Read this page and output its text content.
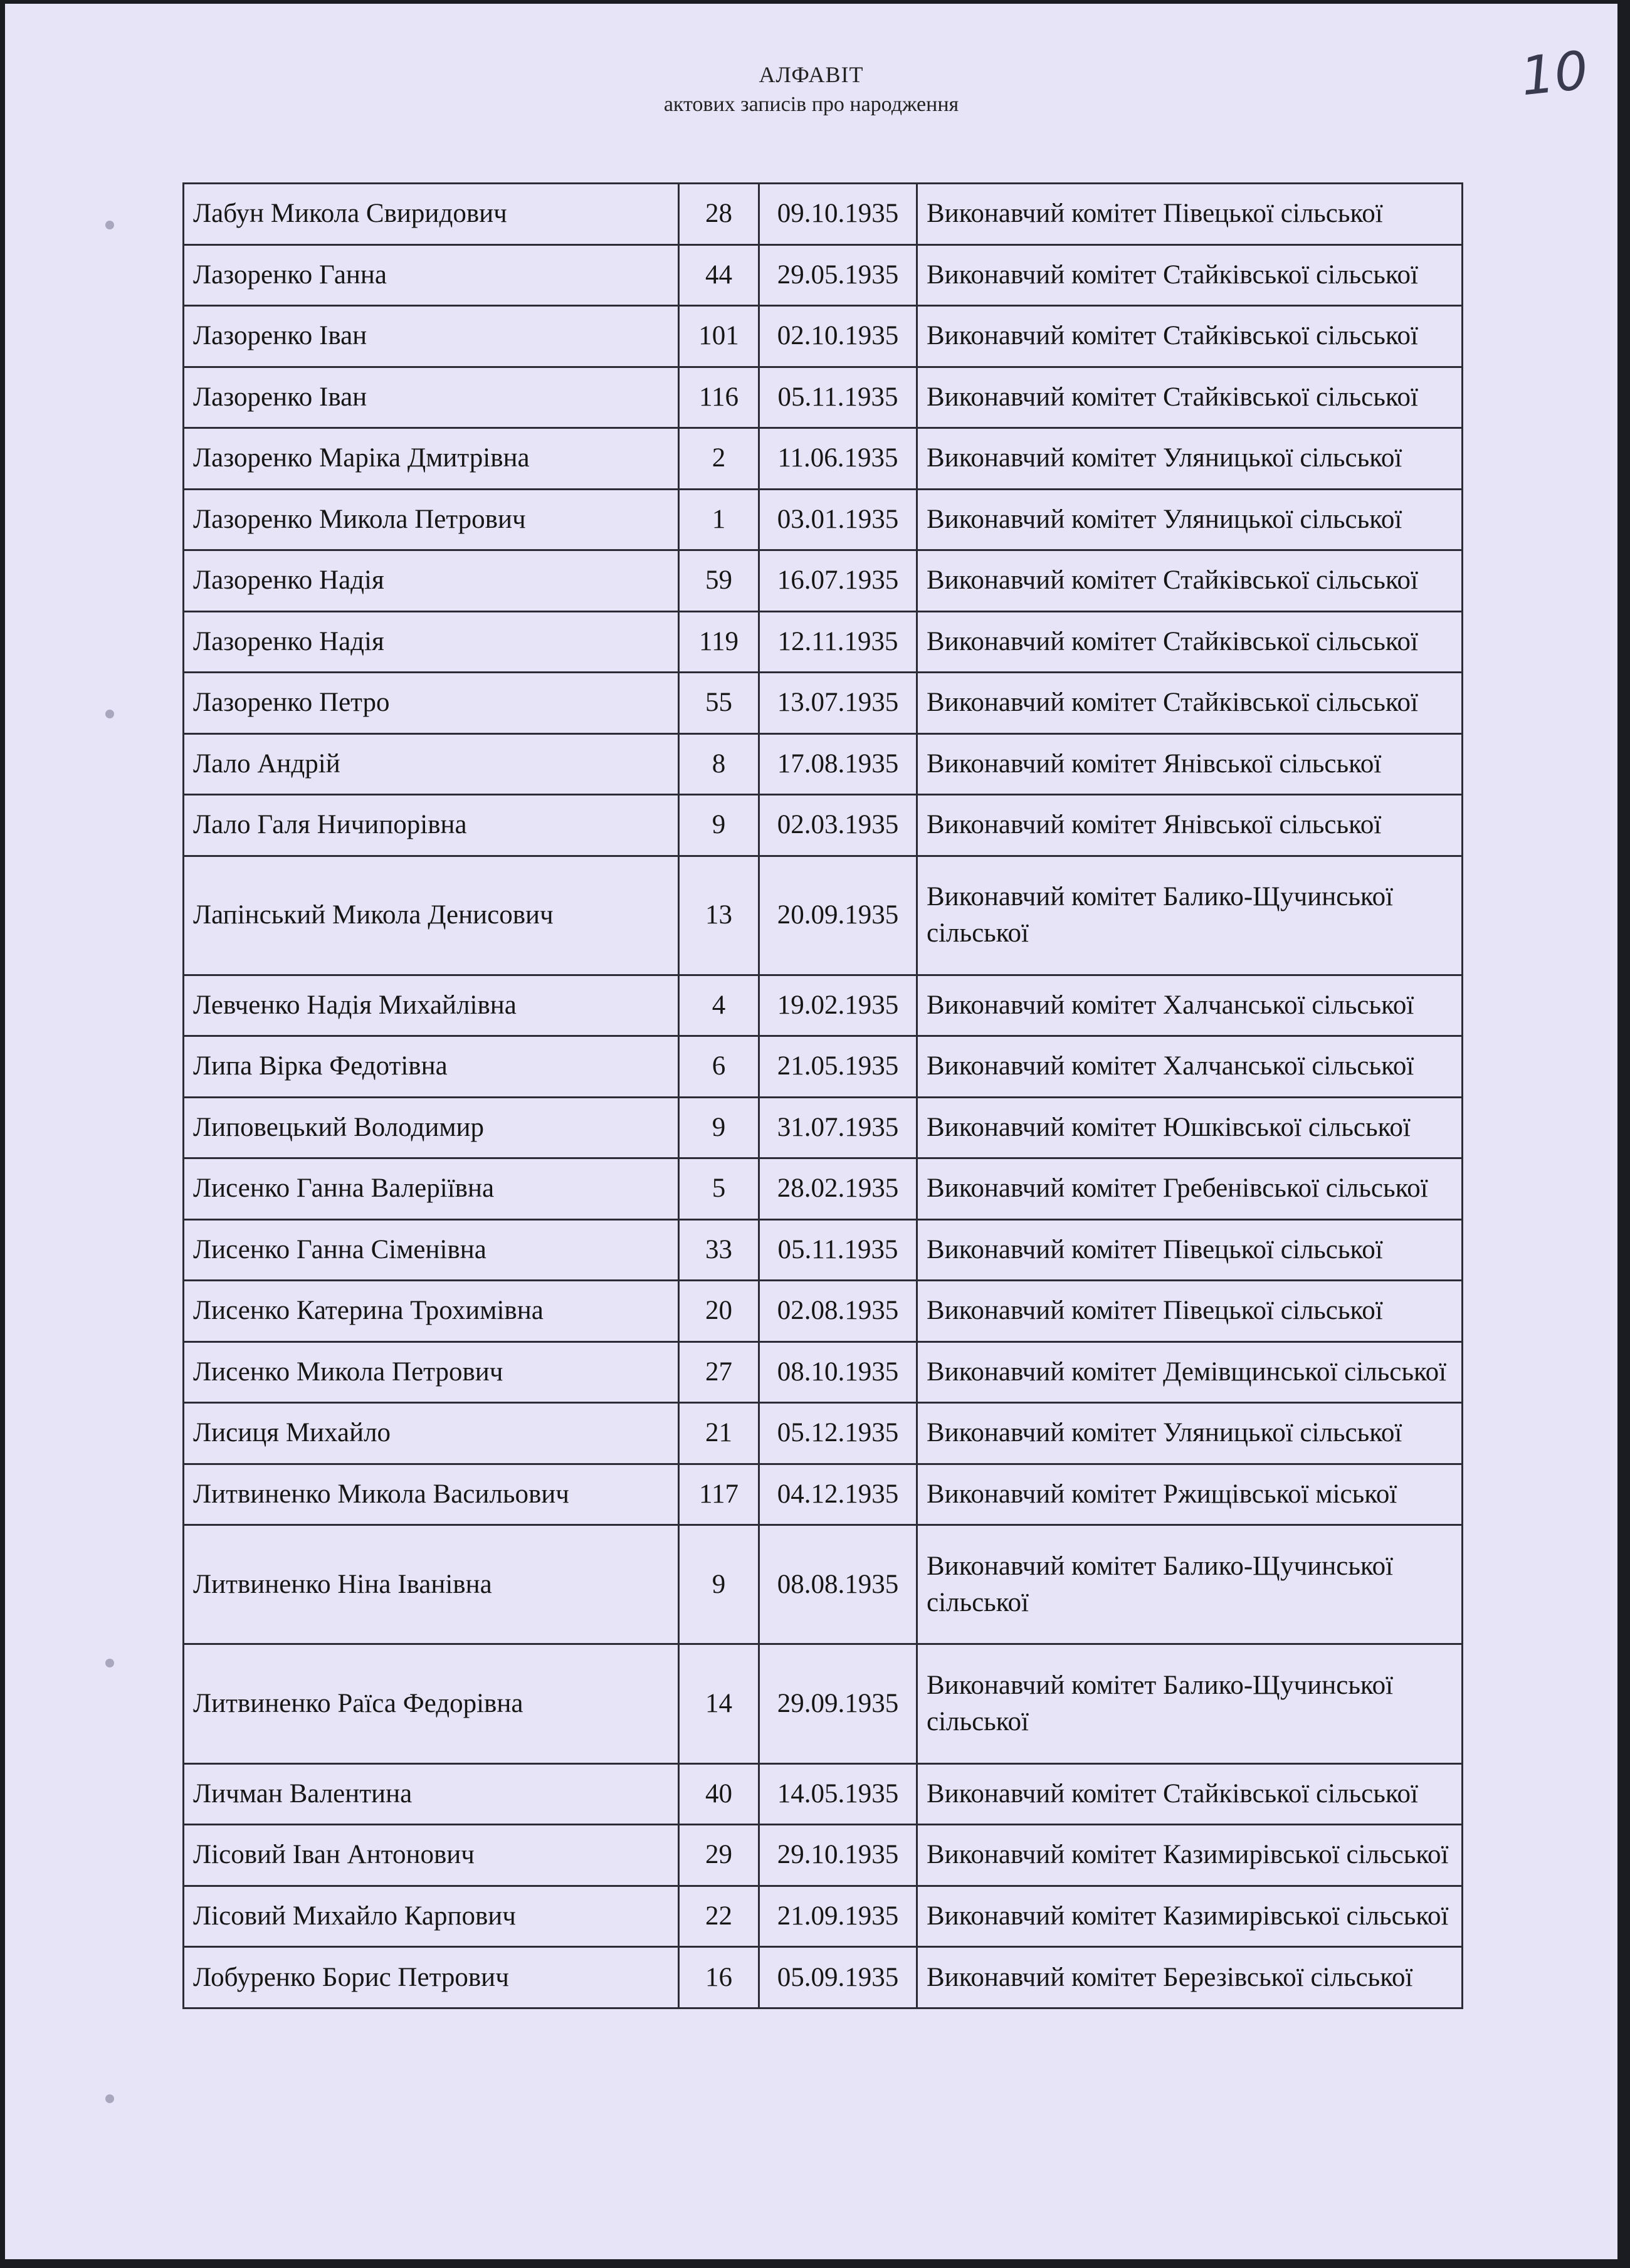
10
АЛФАВІТ
актових записів про народження
Лабун Микола Свиридович	28	09.10.1935	Виконавчий комітет Півецької сільської
Лазоренко Ганна	44	29.05.1935	Виконавчий комітет Стайківської сільської
Лазоренко Іван	101	02.10.1935	Виконавчий комітет Стайківської сільської
Лазоренко Іван	116	05.11.1935	Виконавчий комітет Стайківської сільської
Лазоренко Маріка Дмитрівна	2	11.06.1935	Виконавчий комітет Уляницької сільської
Лазоренко Микола Петрович	1	03.01.1935	Виконавчий комітет Уляницької сільської
Лазоренко Надія	59	16.07.1935	Виконавчий комітет Стайківської сільської
Лазоренко Надія	119	12.11.1935	Виконавчий комітет Стайківської сільської
Лазоренко Петро	55	13.07.1935	Виконавчий комітет Стайківської сільської
Лало Андрій	8	17.08.1935	Виконавчий комітет Янівської сільської
Лало Галя Ничипорівна	9	02.03.1935	Виконавчий комітет Янівської сільської
Лапінський Микола Денисович	13	20.09.1935	Виконавчий комітет Балико-Щучинської сільської
Левченко Надія Михайлівна	4	19.02.1935	Виконавчий комітет Халчанської сільської
Липа Вірка Федотівна	6	21.05.1935	Виконавчий комітет Халчанської сільської
Липовецький Володимир	9	31.07.1935	Виконавчий комітет Юшківської сільської
Лисенко Ганна Валеріївна	5	28.02.1935	Виконавчий комітет Гребенівської сільської
Лисенко Ганна Сіменівна	33	05.11.1935	Виконавчий комітет Півецької сільської
Лисенко Катерина Трохимівна	20	02.08.1935	Виконавчий комітет Півецької сільської
Лисенко Микола Петрович	27	08.10.1935	Виконавчий комітет Демівщинської сільської
Лисиця Михайло	21	05.12.1935	Виконавчий комітет Уляницької сільської
Литвиненко Микола Васильович	117	04.12.1935	Виконавчий комітет Ржищівської міської
Литвиненко Ніна Іванівна	9	08.08.1935	Виконавчий комітет Балико-Щучинської сільської
Литвиненко Раїса Федорівна	14	29.09.1935	Виконавчий комітет Балико-Щучинської сільської
Личман Валентина	40	14.05.1935	Виконавчий комітет Стайківської сільської
Лісовий Іван Антонович	29	29.10.1935	Виконавчий комітет Казимирівської сільської
Лісовий Михайло Карпович	22	21.09.1935	Виконавчий комітет Казимирівської сільської
Лобуренко Борис Петрович	16	05.09.1935	Виконавчий комітет Березівської сільської
